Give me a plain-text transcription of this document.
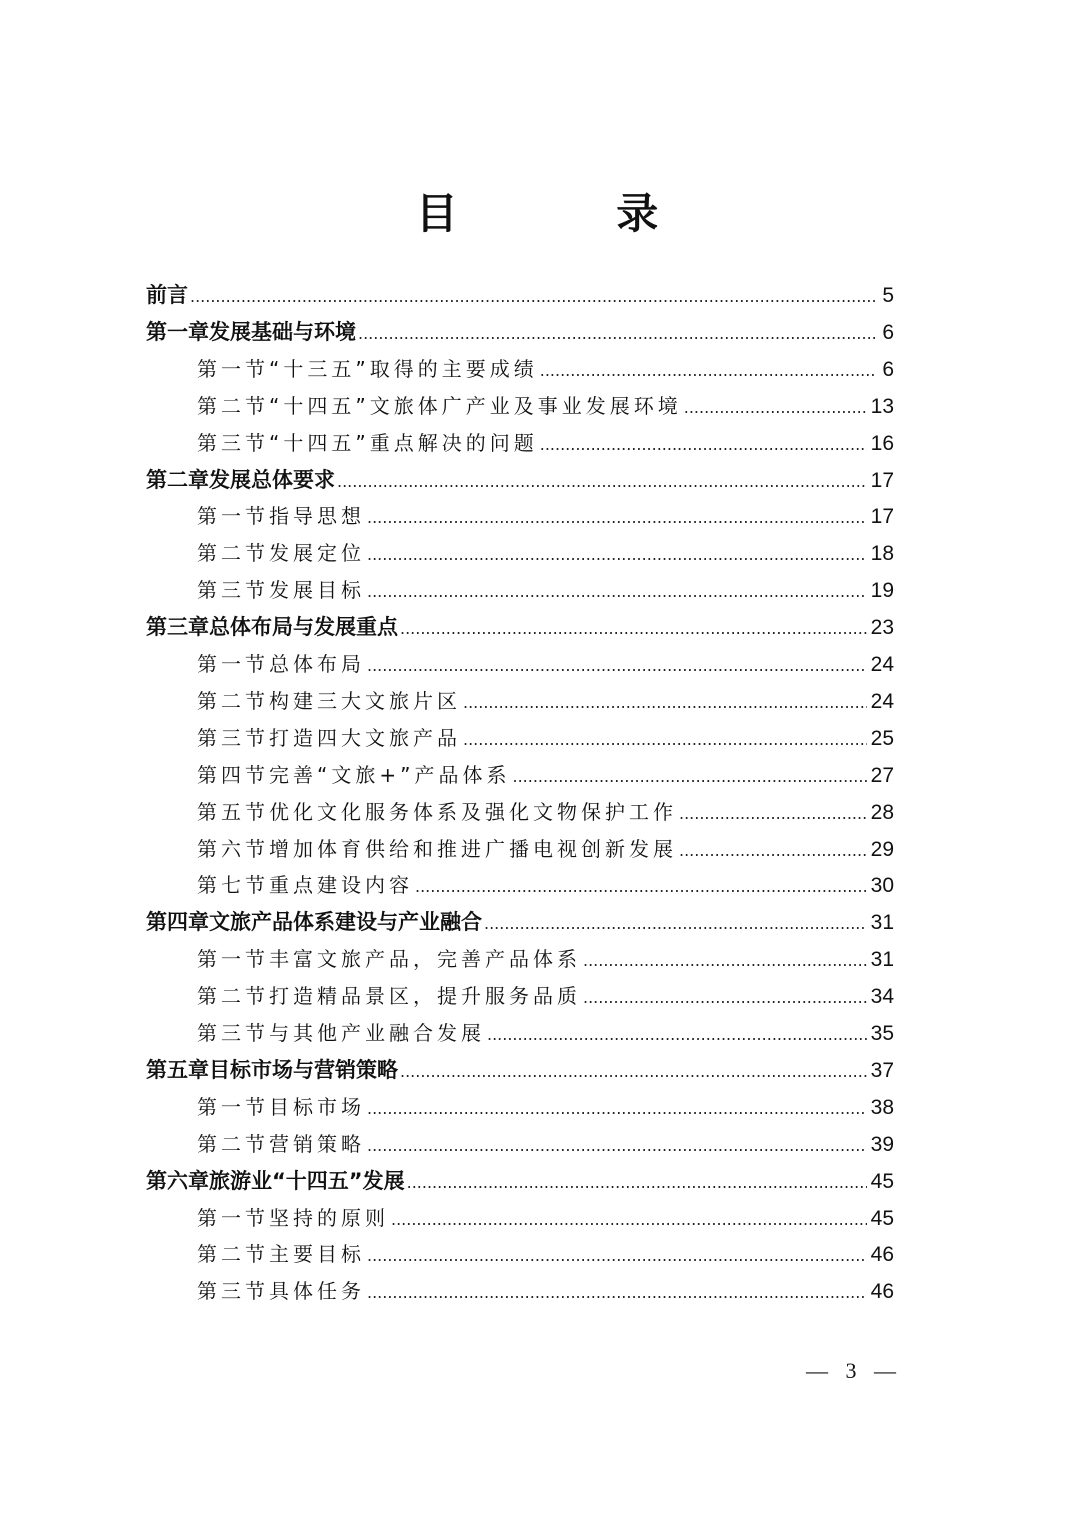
目 录
前言 .....	5
第一章发展基础与环境 .....	6
第一节“十三五”取得的主要成绩 .....	6
第二节“十四五”文旅体广产业及事业发展环境 .....	13
第三节“十四五”重点解决的问题 .....	16
第二章发展总体要求 .....	17
第一节指导思想 .....	17
第二节发展定位 .....	18
第三节发展目标 .....	19
第三章总体布局与发展重点 .....	23
第一节总体布局 .....	24
第二节构建三大文旅片区 .....	24
第三节打造四大文旅产品 .....	25
第四节完善“文旅+”产品体系 .....	27
第五节优化文化服务体系及强化文物保护工作 .....	28
第六节增加体育供给和推进广播电视创新发展 .....	29
第七节重点建设内容 .....	30
第四章文旅产品体系建设与产业融合 .....	31
第一节丰富文旅产品，完善产品体系 .....	31
第二节打造精品景区，提升服务品质 .....	34
第三节与其他产业融合发展 .....	35
第五章目标市场与营销策略 .....	37
第一节目标市场 .....	38
第二节营销策略 .....	39
第六章旅游业“十四五”发展 .....	45
第一节坚持的原则 .....	45
第二节主要目标 .....	46
第三节具体任务 .....	46
— 3 —
